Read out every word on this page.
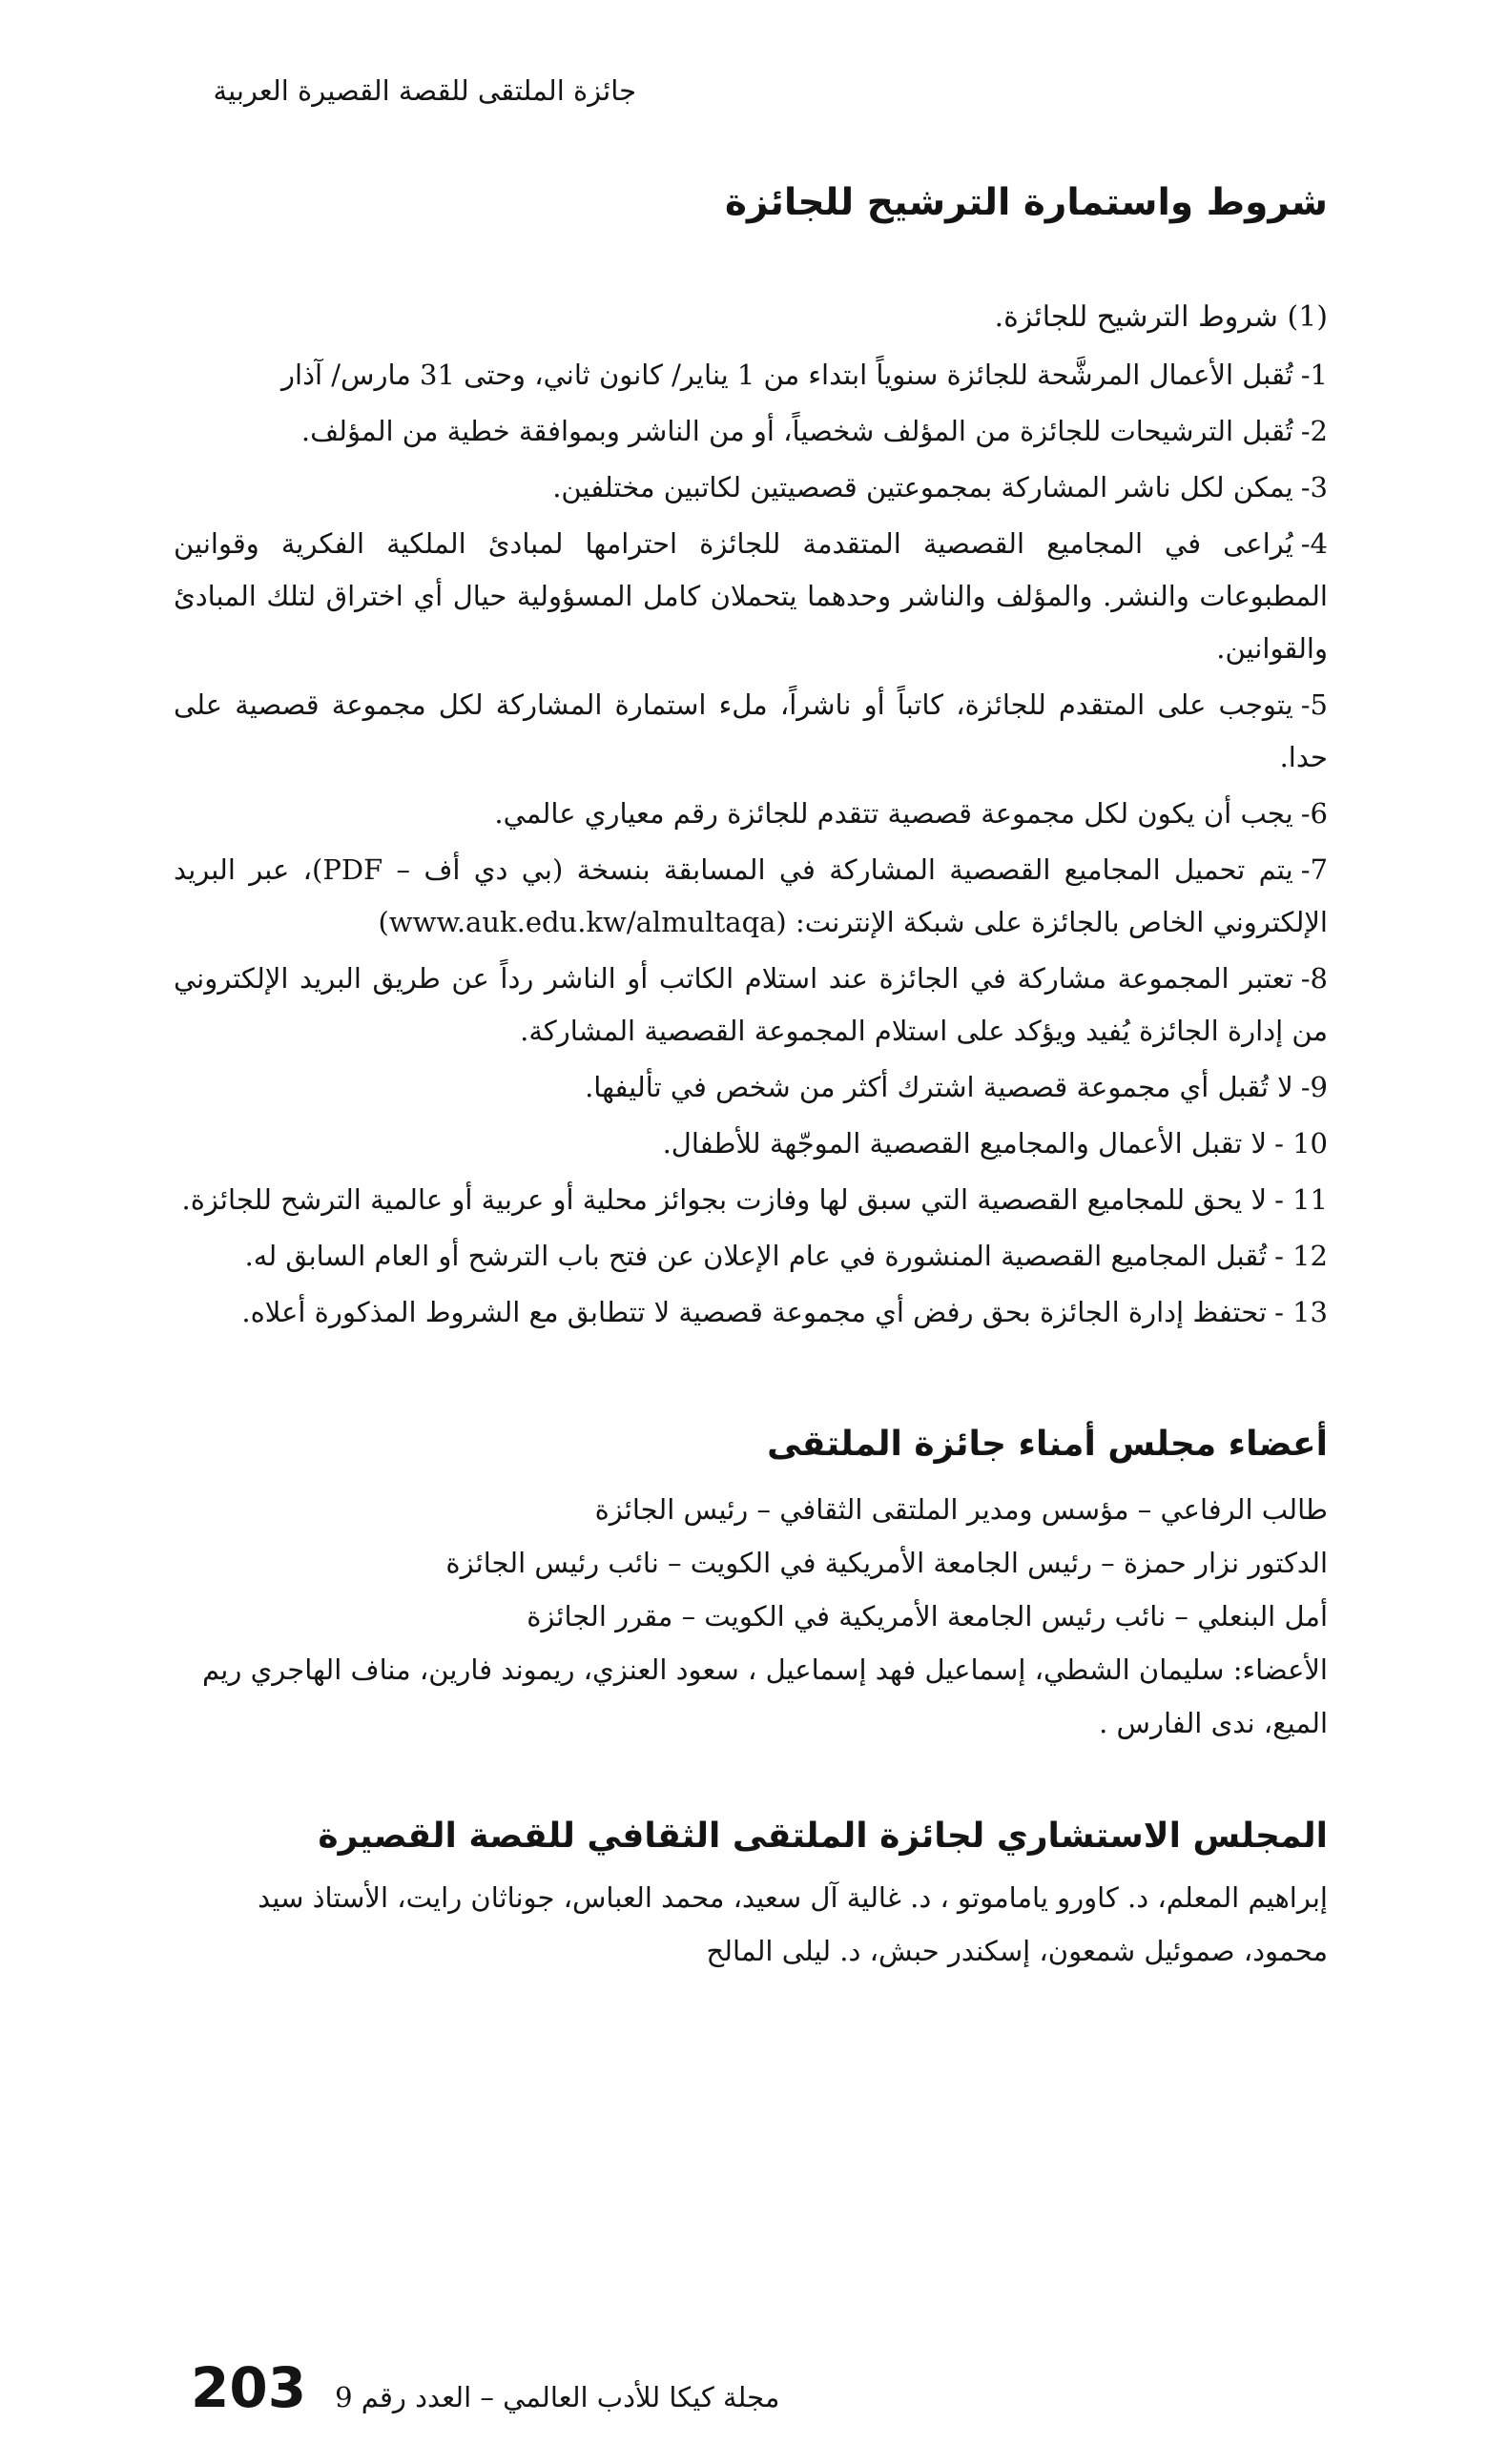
جائزة الملتقى للقصة القصيرة العربية
شروط واستمارة الترشيح للجائزة

(1) شروط الترشيح للجائزة.

1-تُقبل الأعمال المرشَّحة للجائزة سنوياً ابتداء من 1 يناير/ كانون ثاني، وحتى 31 مارس/ آذار

2-تُقبل الترشيحات للجائزة من المؤلف شخصياً، أو من الناشر وبموافقة خطية من المؤلف.

3-يمكن لكل ناشر المشاركة بمجموعتين قصصيتين لكاتبين مختلفين.

4-يُراعى في المجاميع القصصية المتقدمة للجائزة احترامها لمبادئ الملكية الفكرية وقوانين المطبوعات والنشر. والمؤلف والناشر وحدهما يتحملان كامل المسؤولية حيال أي اختراق لتلك المبادئ والقوانين.

5-يتوجب على المتقدم للجائزة، كاتباً أو ناشراً، ملء استمارة المشاركة لكل مجموعة قصصية على حدا.

6-يجب أن يكون لكل مجموعة قصصية تتقدم للجائزة رقم معياري عالمي.

7-يتم تحميل المجاميع القصصية المشاركة في المسابقة بنسخة (بي دي أف – PDF)، عبر البريد الإلكتروني الخاص بالجائزة على شبكة الإنترنت: (www.auk.edu.kw/almultaqa)

8-تعتبر المجموعة مشاركة في الجائزة عند استلام الكاتب أو الناشر رداً عن طريق البريد الإلكتروني من إدارة الجائزة يُفيد ويؤكد على استلام المجموعة القصصية المشاركة.

9-لا تُقبل أي مجموعة قصصية اشترك أكثر من شخص في تأليفها.

10 -لا تقبل الأعمال والمجاميع القصصية الموجّهة للأطفال.

11 -لا يحق للمجاميع القصصية التي سبق لها وفازت بجوائز محلية أو عربية أو عالمية الترشح للجائزة.

12 -تُقبل المجاميع القصصية المنشورة في عام الإعلان عن فتح باب الترشح أو العام السابق له.

13 -تحتفظ إدارة الجائزة بحق رفض أي مجموعة قصصية لا تتطابق مع الشروط المذكورة أعلاه.

أعضاء مجلس أمناء جائزة الملتقى

طالب الرفاعي – مؤسس ومدير الملتقى الثقافي – رئيس الجائزة

الدكتور نزار حمزة – رئيس الجامعة الأمريكية في الكويت – نائب رئيس الجائزة

أمل البنعلي – نائب رئيس الجامعة الأمريكية في الكويت – مقرر الجائزة

الأعضاء: سليمان الشطي، إسماعيل فهد إسماعيل ، سعود العنزي، ريموند فارين، مناف الهاجري ريم الميع، ندى الفارس .

المجلس الاستشاري لجائزة الملتقى الثقافي للقصة القصيرة

إبراهيم المعلم، د. كاورو ياماموتو ، د. غالية آل سعيد، محمد العباس، جوناثان رايت، الأستاذ سيد محمود، صموئيل شمعون، إسكندر حبش، د. ليلى المالح

203 مجلة كيكا للأدب العالمي – العدد رقم 9
